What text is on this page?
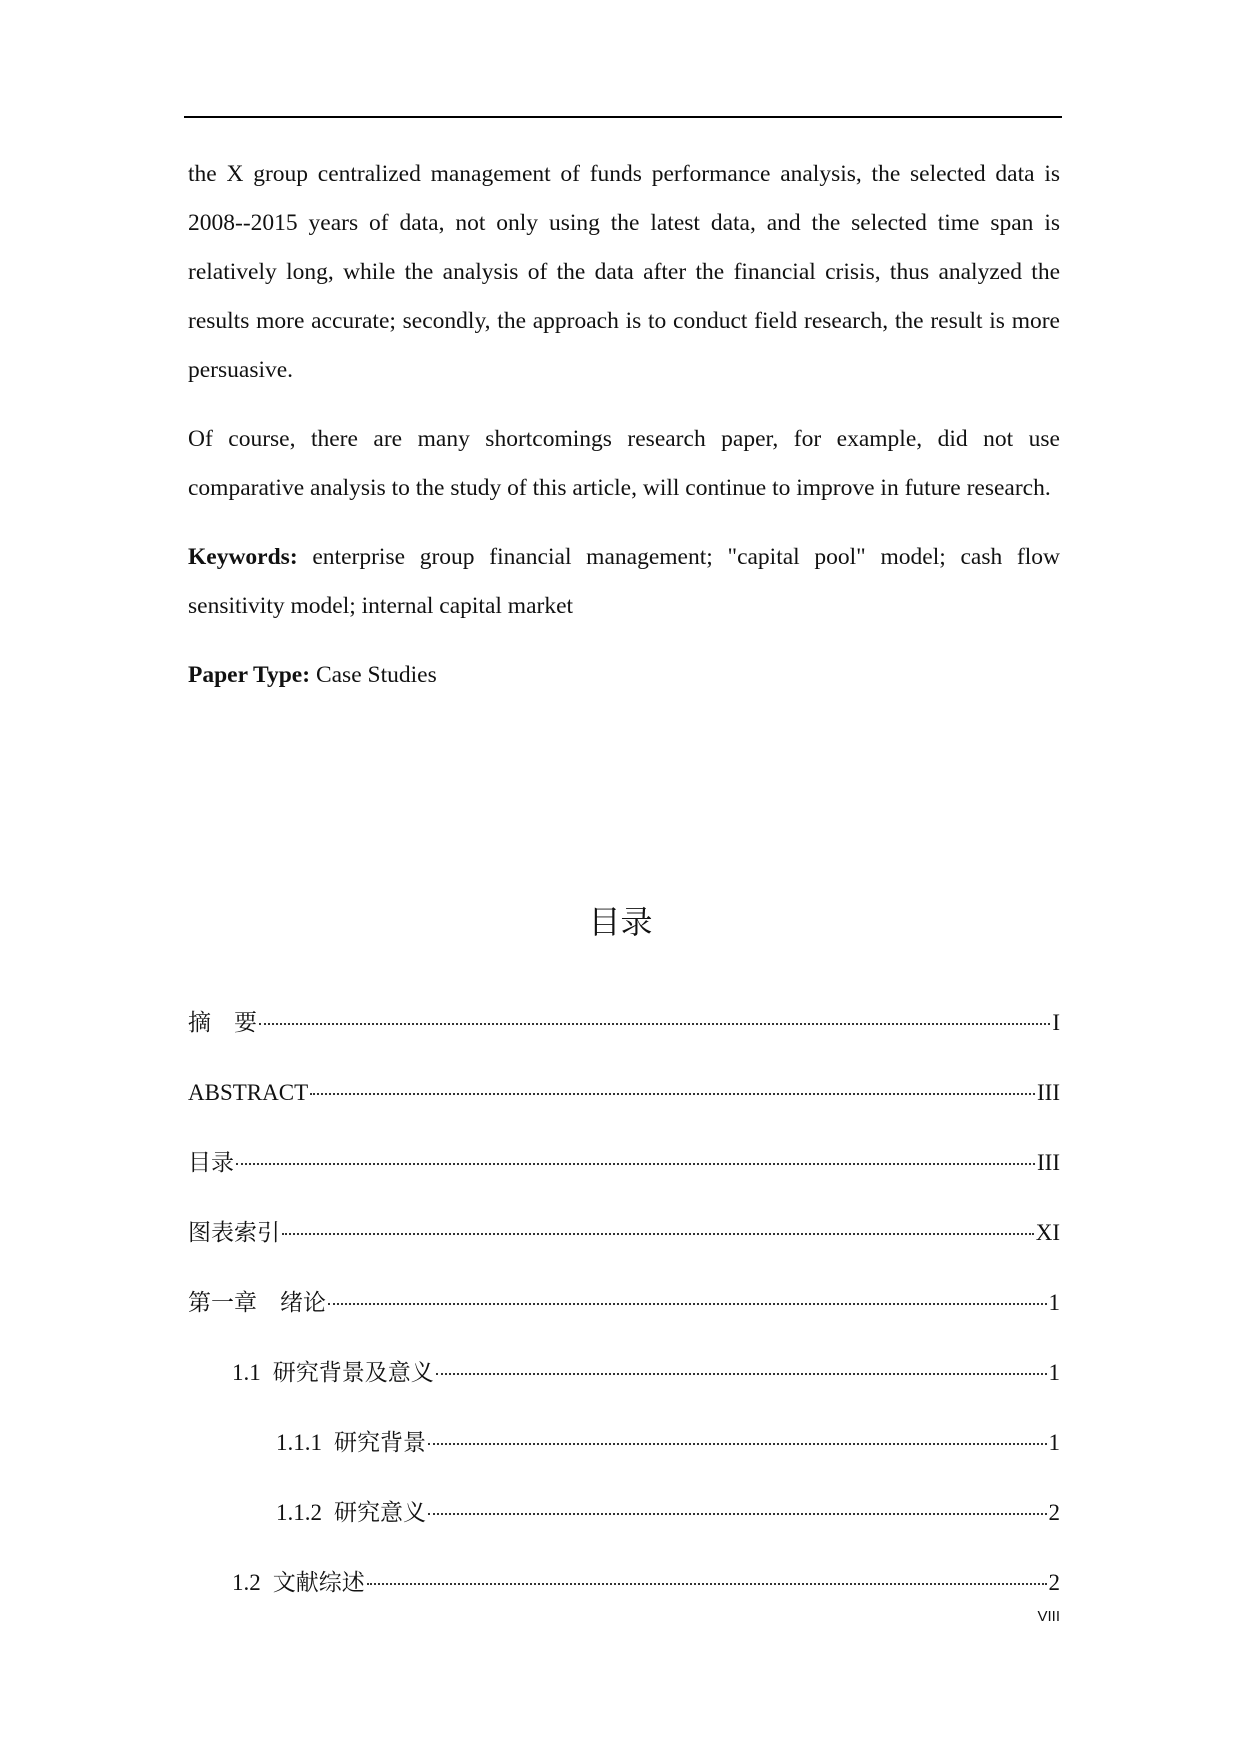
the X group centralized management of funds performance analysis, the selected data is 2008--2015 years of data, not only using the latest data, and the selected time span is relatively long, while the analysis of the data after the financial crisis, thus analyzed the results more accurate; secondly, the approach is to conduct field research, the result is more persuasive.

Of course, there are many shortcomings research paper, for example, did not use comparative analysis to the study of this article, will continue to improve in future research.

Keywords: enterprise group financial management; "capital pool" model; cash flow sensitivity model; internal capital market

Paper Type: Case Studies

目录
摘　要	I
ABSTRACT	III
目录	III
图表索引	XI
第一章　绪论	1
1.1 研究背景及意义	1
1.1.1 研究背景	1
1.1.2 研究意义	2
1.2 文献综述	2
VIII
